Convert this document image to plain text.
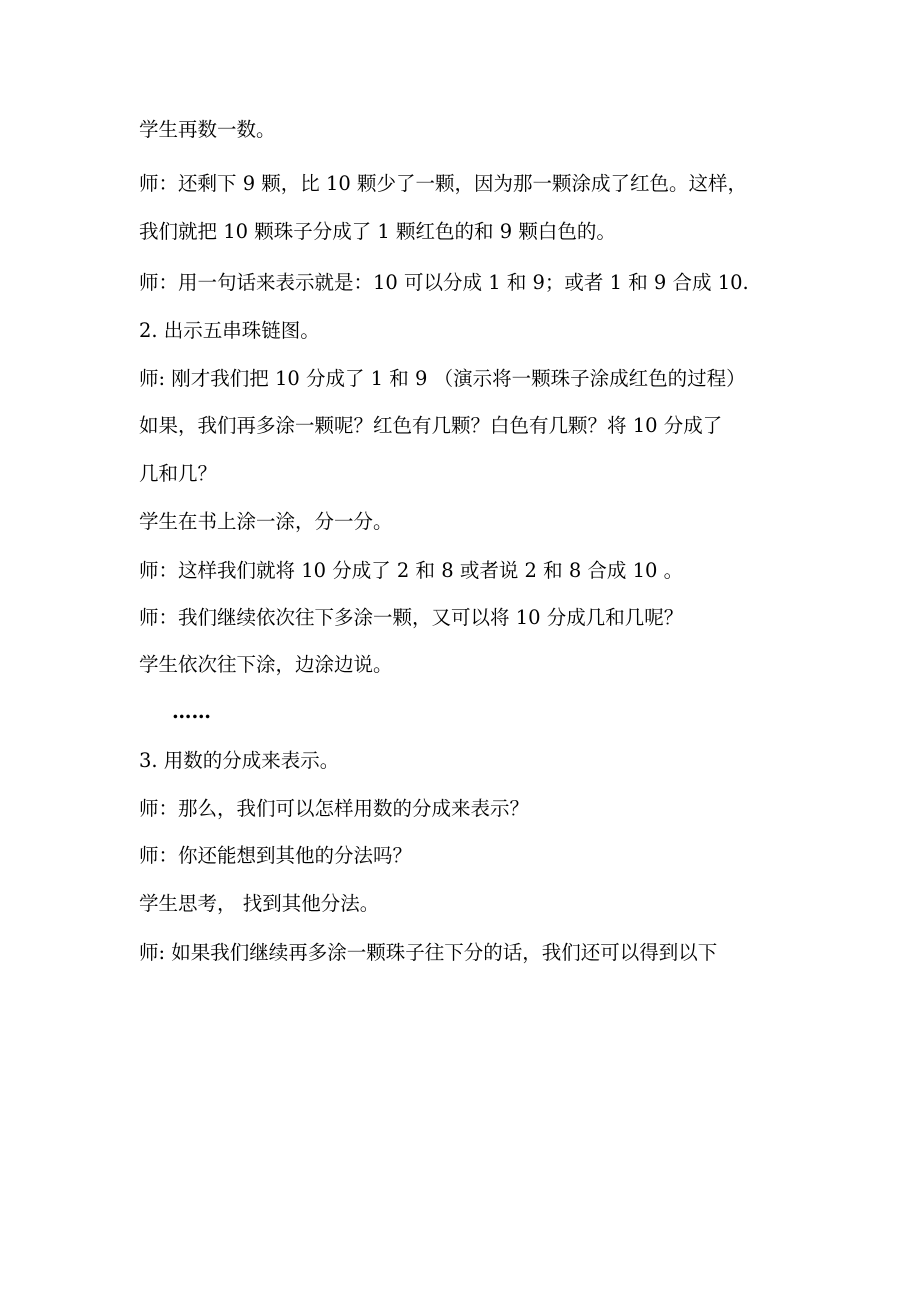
学生再数一数。
师：还剩下 9 颗，比 10 颗少了一颗，因为那一颗涂成了红色。这样，
我们就把 10 颗珠子分成了 1 颗红色的和 9 颗白色的。
师：用一句话来表示就是：10 可以分成 1 和 9；或者 1 和 9 合成 10.
2. 出示五串珠链图。
师: 刚才我们把 10 分成了 1 和 9 （演示将一颗珠子涂成红色的过程）
如果，我们再多涂一颗呢？红色有几颗？白色有几颗？将 10 分成了
几和几？
学生在书上涂一涂，分一分。
师：这样我们就将 10 分成了 2 和 8 或者说 2 和 8 合成 10 。
师：我们继续依次往下多涂一颗，又可以将 10 分成几和几呢？
学生依次往下涂，边涂边说。
……
3. 用数的分成来表示。
师：那么，我们可以怎样用数的分成来表示？
师：你还能想到其他的分法吗？
学生思考， 找到其他分法。
师: 如果我们继续再多涂一颗珠子往下分的话，我们还可以得到以下
